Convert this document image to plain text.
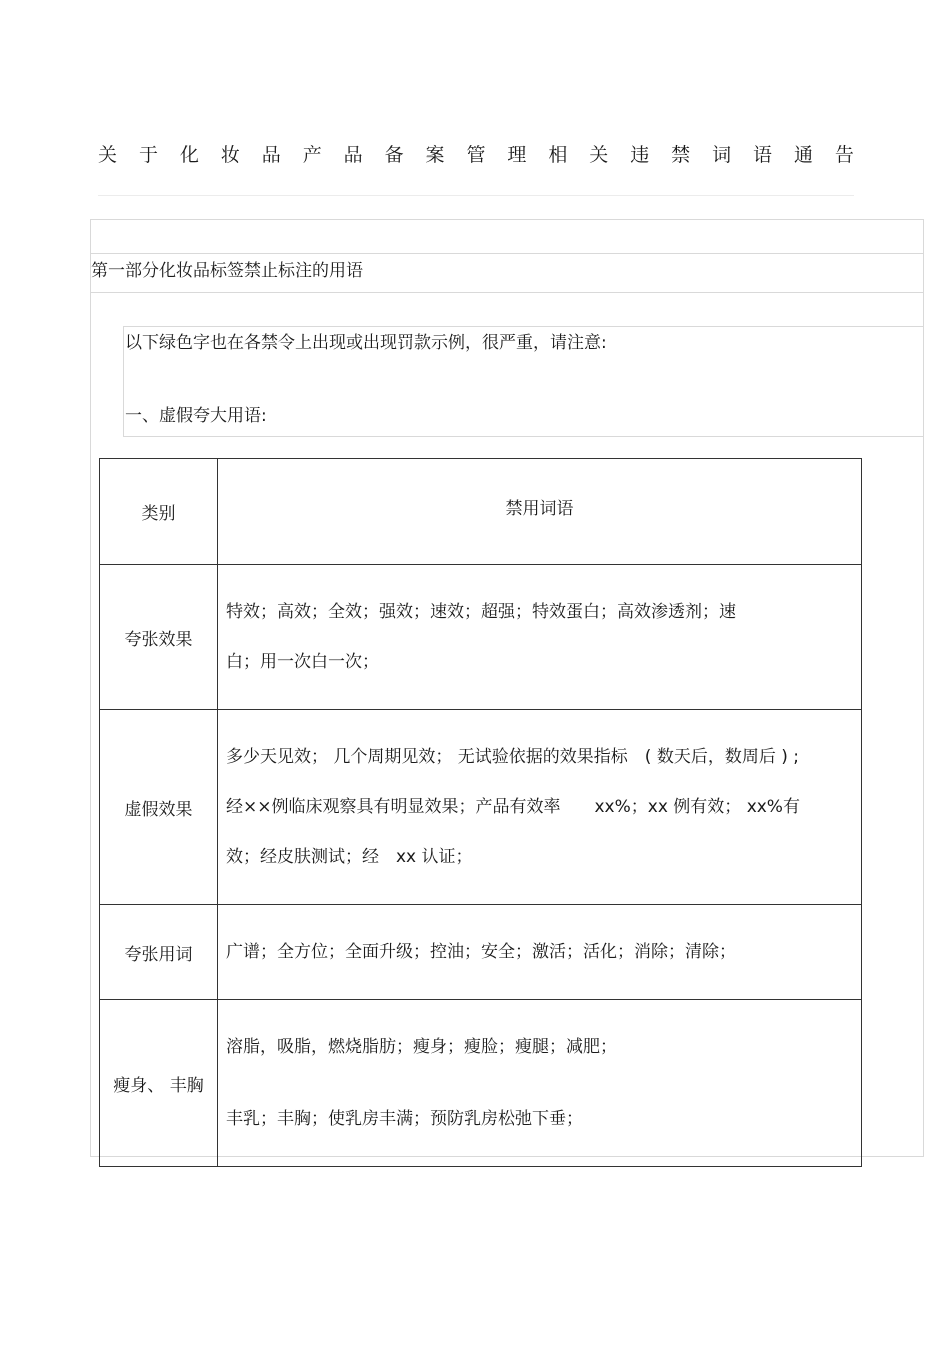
关 于 化 妆 品 产 品 备 案 管 理 相 关 违 禁 词 语 通 告
第一部分化妆品标签禁止标注的用语
以下绿色字也在各禁令上出现或出现罚款示例，很严重，请注意:
一、虚假夸大用语:
类别	禁用词语
夸张效果	特效；高效；全效；强效；速效；超强；特效蛋白；高效渗透剂；速

白；用一次白一次；

虚假效果	多少天见效； 几个周期见效； 无试验依据的效果指标　( 数天后，数周后 ) ;

经××例临床观察具有明显效果；产品有效率　　xx%；xx 例有效； xx%有

效；经皮肤测试；经　xx 认证；

夸张用词	广谱；全方位；全面升级；控油；安全；激活；活化；消除；清除；

瘦身、 丰胸	溶脂，吸脂，燃烧脂肪；瘦身；瘦脸；瘦腿；减肥；

丰乳；丰胸；使乳房丰满；预防乳房松弛下垂；
